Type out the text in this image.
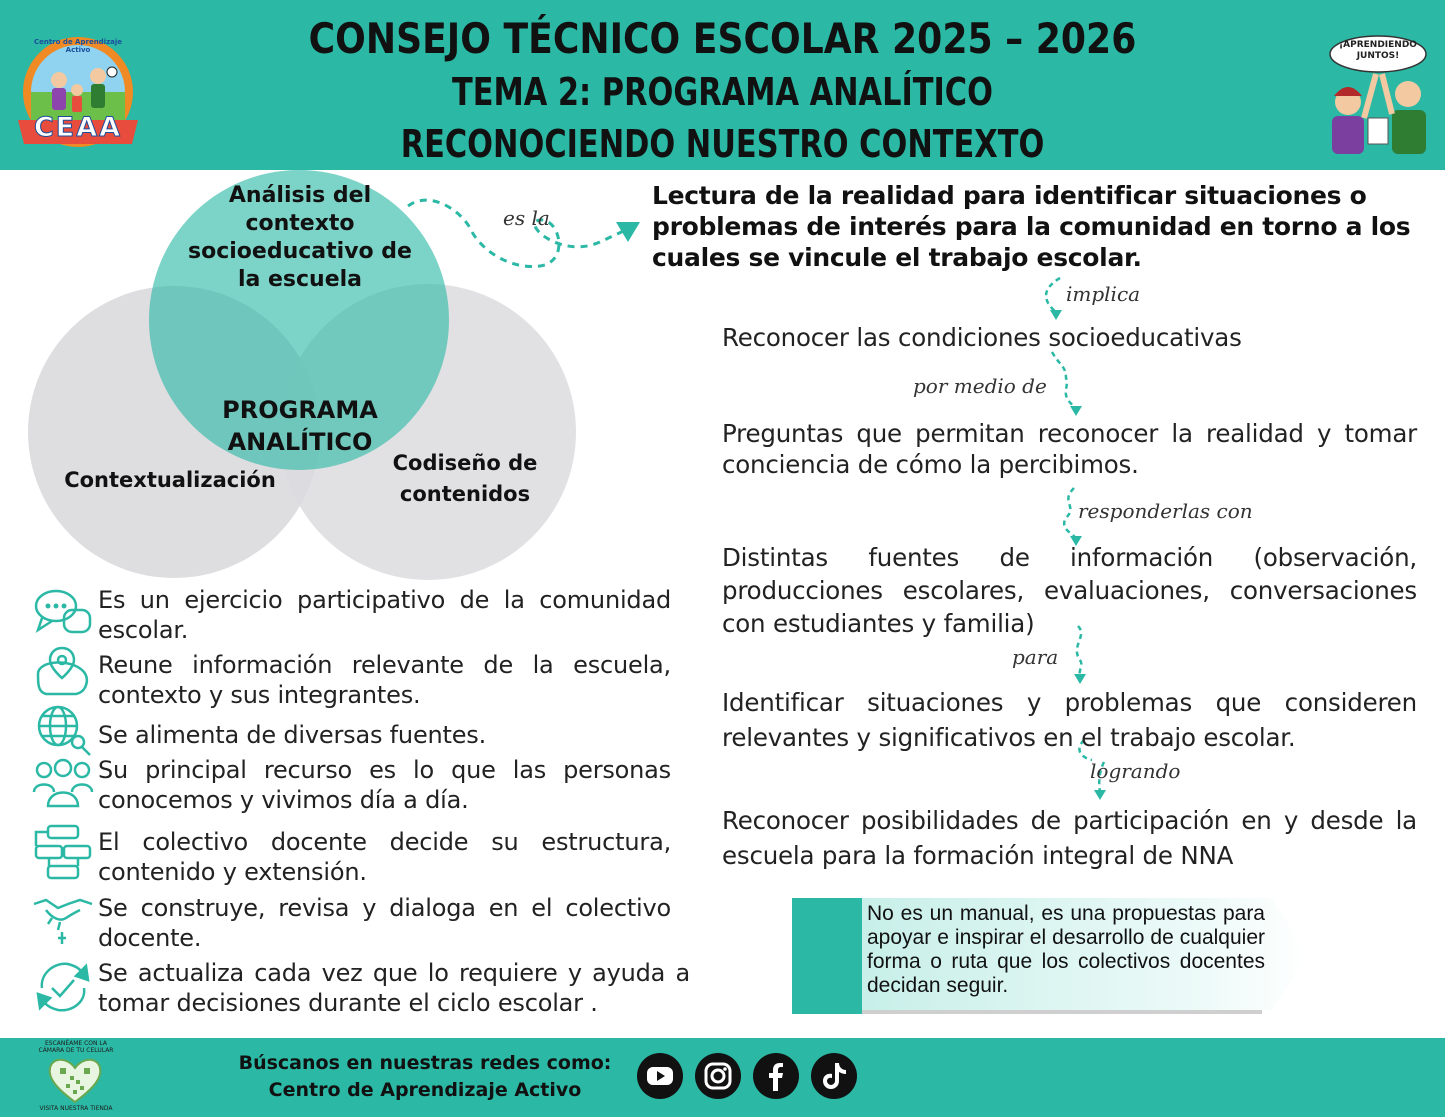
CONSEJO TÉCNICO ESCOLAR 2025 – 2026
TEMA 2: PROGRAMA ANALÍTICO
RECONOCIENDO NUESTRO CONTEXTO
CEAA
Centro de Aprendizaje Activo	¡APRENDIENDO JUNTOS!
Análisis del contexto socioeducativo de la escuela
PROGRAMA ANALÍTICO
Contextualización
Codiseño de contenidos
es la
Lectura de la realidad para identificar situaciones o problemas de interés para la comunidad en torno a los cuales se vincule el trabajo escolar.
implica
Reconocer las condiciones socioeducativas
por medio de
Preguntas que permitan reconocer la realidad y tomar conciencia de cómo la percibimos.
responderlas con
Distintas fuentes de información (observación, producciones escolares, evaluaciones, conversaciones con estudiantes y familia)
para
Identificar situaciones y problemas que consideren relevantes y significativos en el trabajo escolar.
logrando
Reconocer posibilidades de participación en y desde la escuela para la formación integral de NNA
Es un ejercicio participativo de la comunidad escolar.
Reune información relevante de la escuela, contexto y sus integrantes.
Se alimenta de diversas fuentes.
Su principal recurso es lo que las personas conocemos y vivimos día a día.
El colectivo docente decide su estructura, contenido y extensión.
Se construye, revisa y dialoga en el colectivo docente.
Se actualiza cada vez que lo requiere y ayuda a tomar decisiones durante el ciclo escolar .
No es un manual, es una propuestas para apoyar e inspirar el desarrollo de cualquier forma o ruta que los colectivos docentes decidan seguir.
ESCANÉAME CON LA CÁMARA DE TU CELULAR
VISITA NUESTRA TIENDA
Búscanos en nuestras redes como:
Centro de Aprendizaje Activo
